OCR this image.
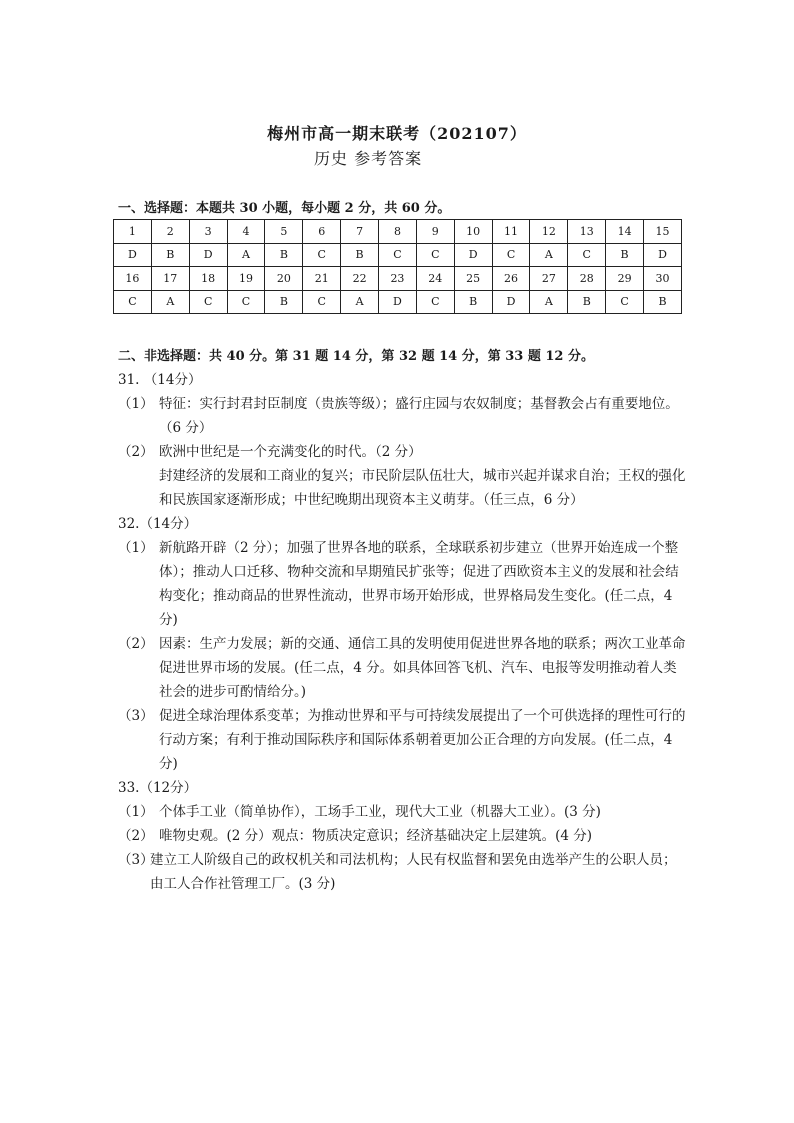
梅州市高一期末联考（202107）
历史 参考答案
一、选择题：本题共 30 小题，每小题 2 分，共 60 分。
1	2	3	4	5	6	7	8	9	10	11	12	13	14	15
D	B	D	A	B	C	B	C	C	D	C	A	C	B	D
16	17	18	19	20	21	22	23	24	25	26	27	28	29	30
C	A	C	C	B	C	A	D	C	B	D	A	B	C	B
二、非选择题：共 40 分。第 31 题 14 分，第 32 题 14 分，第 33 题 12 分。

31. （14分）

（1） 特征：实行封君封臣制度（贵族等级）；盛行庄园与农奴制度；基督教会占有重要地位。（6 分）
（2） 欧洲中世纪是一个充满变化的时代。（2 分）
封建经济的发展和工商业的复兴；市民阶层队伍壮大，城市兴起并谋求自治；王权的强化和民族国家逐渐形成；中世纪晚期出现资本主义萌芽。（任三点，6 分）

32.（14分）

（1） 新航路开辟（2 分）；加强了世界各地的联系，全球联系初步建立（世界开始连成一个整体）；推动人口迁移、物种交流和早期殖民扩张等；促进了西欧资本主义的发展和社会结构变化；推动商品的世界性流动，世界市场开始形成，世界格局发生变化。(任二点，4 分)
（2） 因素：生产力发展；新的交通、通信工具的发明使用促进世界各地的联系；两次工业革命促进世界市场的发展。(任二点，4 分。如具体回答飞机、汽车、电报等发明推动着人类社会的进步可酌情给分。)
（3） 促进全球治理体系变革；为推动世界和平与可持续发展提出了一个可供选择的理性可行的行动方案；有利于推动国际秩序和国际体系朝着更加公正合理的方向发展。(任二点，4 分)

33.（12分）

（1） 个体手工业（简单协作），工场手工业，现代大工业（机器大工业）。(3 分)
（2） 唯物史观。(2 分）观点：物质决定意识；经济基础决定上层建筑。(4 分)
（3）
建立工人阶级自己的政权机关和司法机构；人民有权监督和罢免由选举产生的公职人员；由工人合作社管理工厂。(3 分)
